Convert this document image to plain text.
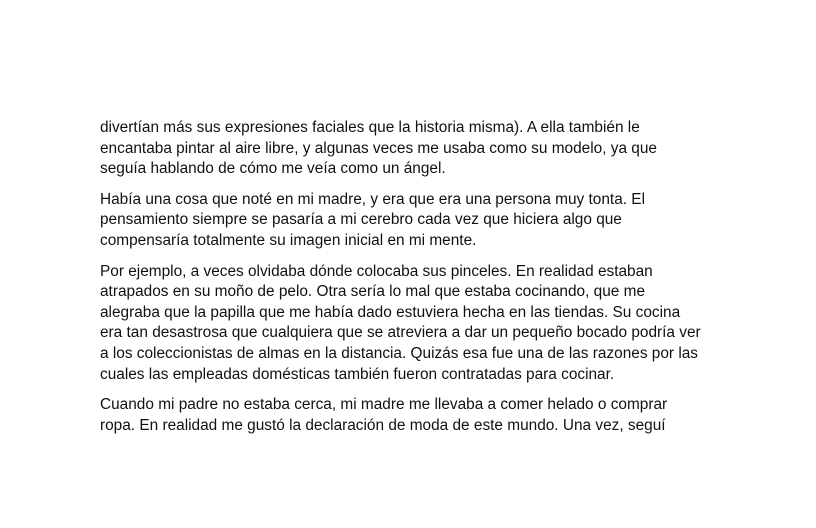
divertían más sus expresiones faciales que la historia misma). A ella también le
encantaba pintar al aire libre, y algunas veces me usaba como su modelo, ya que
seguía hablando de cómo me veía como un ángel.

Había una cosa que noté en mi madre, y era que era una persona muy tonta. El
pensamiento siempre se pasaría a mi cerebro cada vez que hiciera algo que
compensaría totalmente su imagen inicial en mi mente.

Por ejemplo, a veces olvidaba dónde colocaba sus pinceles. En realidad estaban
atrapados en su moño de pelo. Otra sería lo mal que estaba cocinando, que me
alegraba que la papilla que me había dado estuviera hecha en las tiendas. Su cocina
era tan desastrosa que cualquiera que se atreviera a dar un pequeño bocado podría ver
a los coleccionistas de almas en la distancia. Quizás esa fue una de las razones por las
cuales las empleadas domésticas también fueron contratadas para cocinar.

Cuando mi padre no estaba cerca, mi madre me llevaba a comer helado o comprar
ropa. En realidad me gustó la declaración de moda de este mundo. Una vez, seguí
